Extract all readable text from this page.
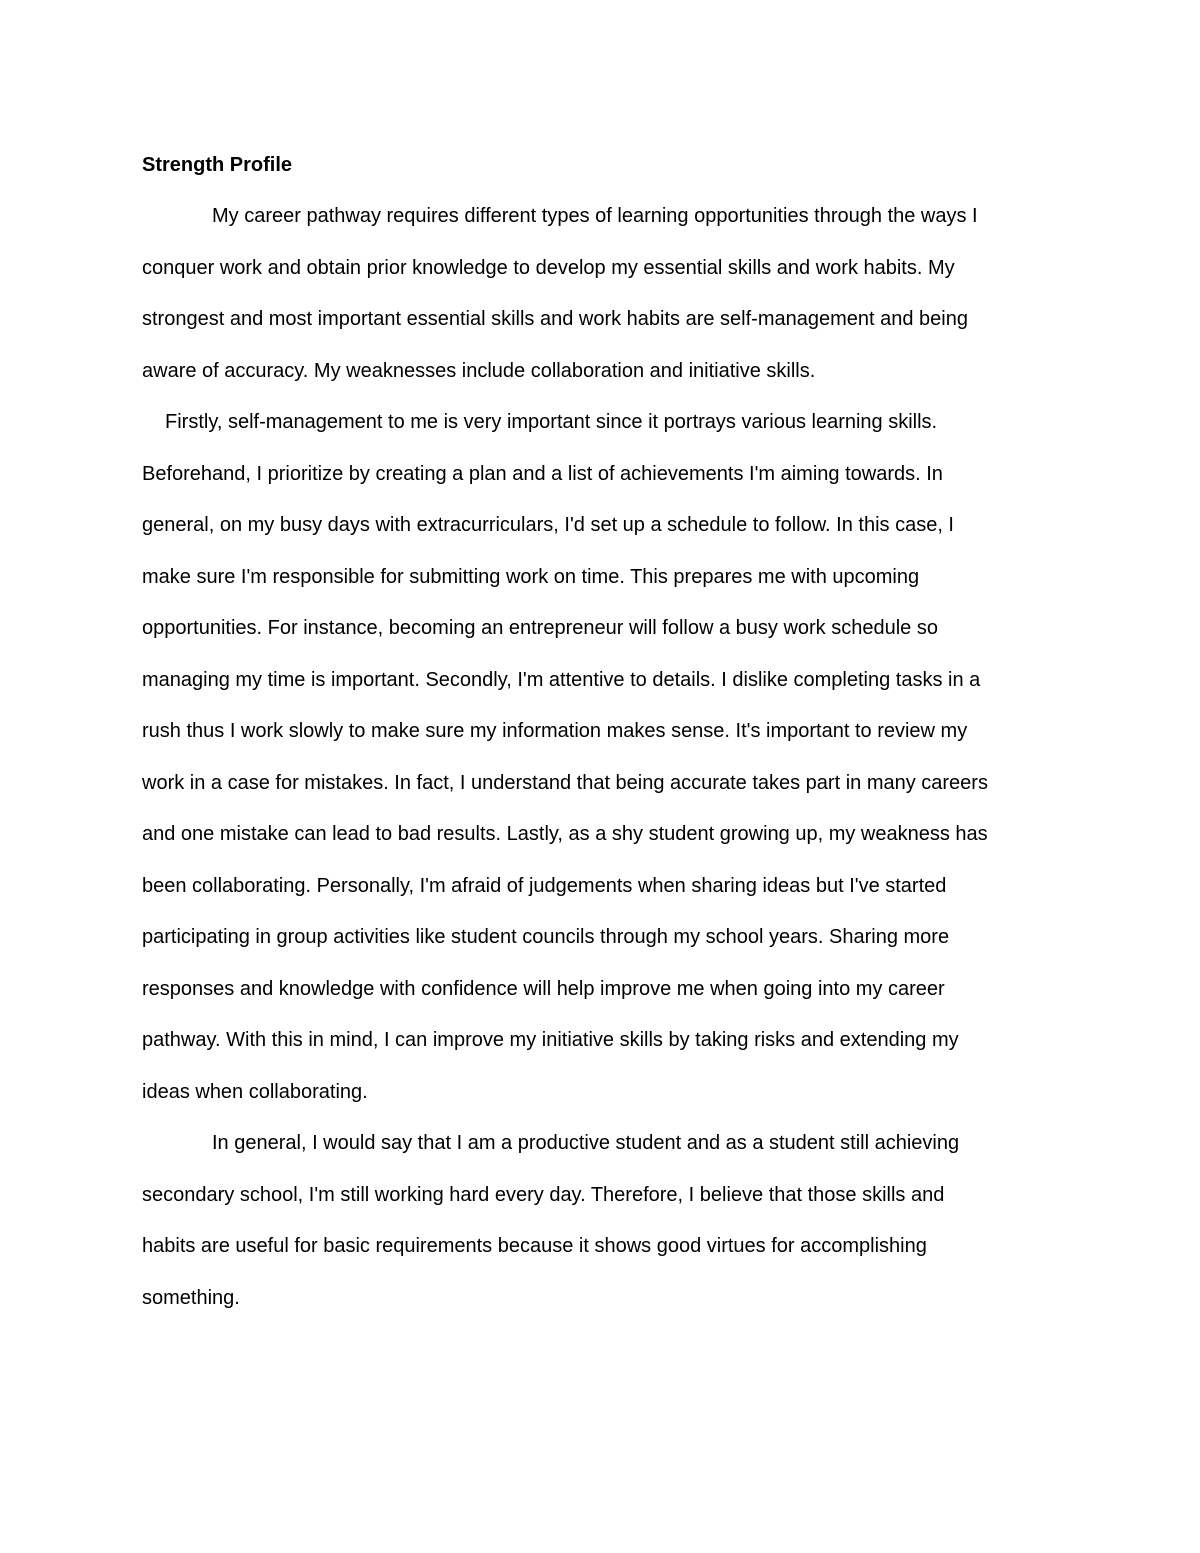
Strength Profile

My career pathway requires different types of learning opportunities through the ways I

conquer work and obtain prior knowledge to develop my essential skills and work habits. My

strongest and most important essential skills and work habits are self-management and being

aware of accuracy. My weaknesses include collaboration and initiative skills.

Firstly, self-management to me is very important since it portrays various learning skills.

Beforehand, I prioritize by creating a plan and a list of achievements I'm aiming towards. In

general, on my busy days with extracurriculars, I'd set up a schedule to follow. In this case, I

make sure I'm responsible for submitting work on time. This prepares me with upcoming

opportunities. For instance, becoming an entrepreneur will follow a busy work schedule so

managing my time is important. Secondly, I'm attentive to details. I dislike completing tasks in a

rush thus I work slowly to make sure my information makes sense. It's important to review my

work in a case for mistakes. In fact, I understand that being accurate takes part in many careers

and one mistake can lead to bad results. Lastly, as a shy student growing up, my weakness has

been collaborating. Personally, I'm afraid of judgements when sharing ideas but I've started

participating in group activities like student councils through my school years. Sharing more

responses and knowledge with confidence will help improve me when going into my career

pathway. With this in mind, I can improve my initiative skills by taking risks and extending my

ideas when collaborating.

In general, I would say that I am a productive student and as a student still achieving

secondary school, I'm still working hard every day. Therefore, I believe that those skills and

habits are useful for basic requirements because it shows good virtues for accomplishing

something.
